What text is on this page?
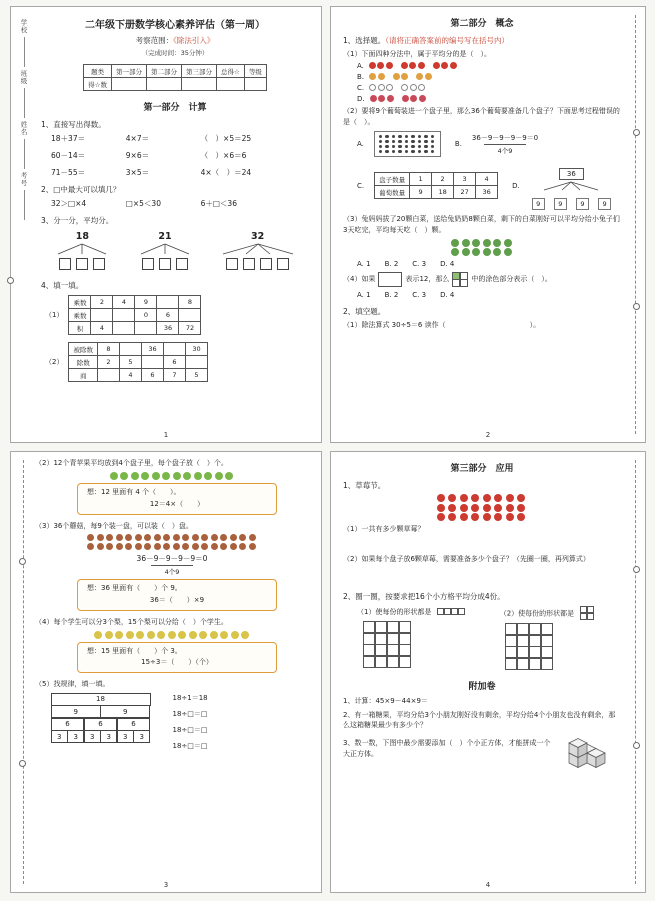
学校
班级
姓名
考号
二年级下册数学核心素养评估（第一周）
考察范围：《除法引入》
（完成时间：35分钟）
题类	第一部分	第二部分	第三部分	总得☆	等级
得☆数					
第一部分　计算
1、直接写出得数。
18＋37＝	4×7＝	（　）×5＝25
60－14＝	9×6＝	（　）×6＝6
71－55＝	3×5＝	4×（　）＝24
2、□中最大可以填几？
32＞□×4	□×5＜30	6＋□＜36
3、分一分，平均分。
18	21	32
4、填一填。
（1）
乘数	2	4	9		8
乘数			0	6	
积	4			36	72
（2）
被除数	8		36		30
除数	2	5		6	
商		4	6	7	5
1
第二部分　概念
1、选择题。（请将正确答案前的编号写在括号内）
（1）下面四种分法中，属于平均分的是（　）。
A.
B.
C.
D.
（2）要将9个葡萄装进一个盘子里，那么36个葡萄要准备几个盘子？下面思考过程错误的是（　）。
A.	B.
36－9－9－9－9＝0
4个9
C.
盘子数量	1	2	3	4
葡萄数量	9	18	27	36
D.
36
9	9	9	9
（3）兔妈妈拔了20颗白菜，送给兔奶奶8颗白菜，剩下的白菜刚好可以平均分给小兔子们3天吃完，平均每天吃（　）颗。
A. 1　　B. 2　　C. 3　　D. 4
（4）如果	表示12，那么	中的涂色部分表示（　）。
A. 1　　B. 2　　C. 3　　D. 4
2、填空题。
（1）除法算式 30÷5＝6 读作（　　　　　　　　　　　　）。
2
（2）12个青苹果平均放到4个盘子里，每个盘子放（　）个。
想：12 里面有 4 个（　　）。
12＝4×（　　）
（3）36个蘑菇，每9个装一盘，可以装（　）盘。
36－9－9－9－9＝0
4个9
想：36 里面有（　　）个 9。
36＝（　　）×9
（4）每个学生可以分3个梨，15个梨可以分给（　）个学生。
想：15 里面有（　　）个 3。
15÷3＝（　　）（个）
（5）找规律，填一填。
18
9	9
6	6	6
3	3	3	3	3	3
18÷1＝18
18÷□＝□
18÷□＝□
18÷□＝□
3
第三部分　应用
1、草莓节。
（1）一共有多少颗草莓？
（2）如果每个盘子放6颗草莓，需要准备多少个盘子？（先圈一圈，再列算式）
2、圈一圈，按要求把16个小方格平均分成4份。
（1）使每份的形状都是	（2）使每份的形状都是
附加卷
1、计算：45×9－44×9＝
2、有一箱糖果，平均分给3个小朋友刚好没有剩余，平均分给4个小朋友也没有剩余，那么这箱糖果最少有多少个？
3、数一数，下图中最少需要添加（　）个小正方体，才能拼成一个大正方体。
4
